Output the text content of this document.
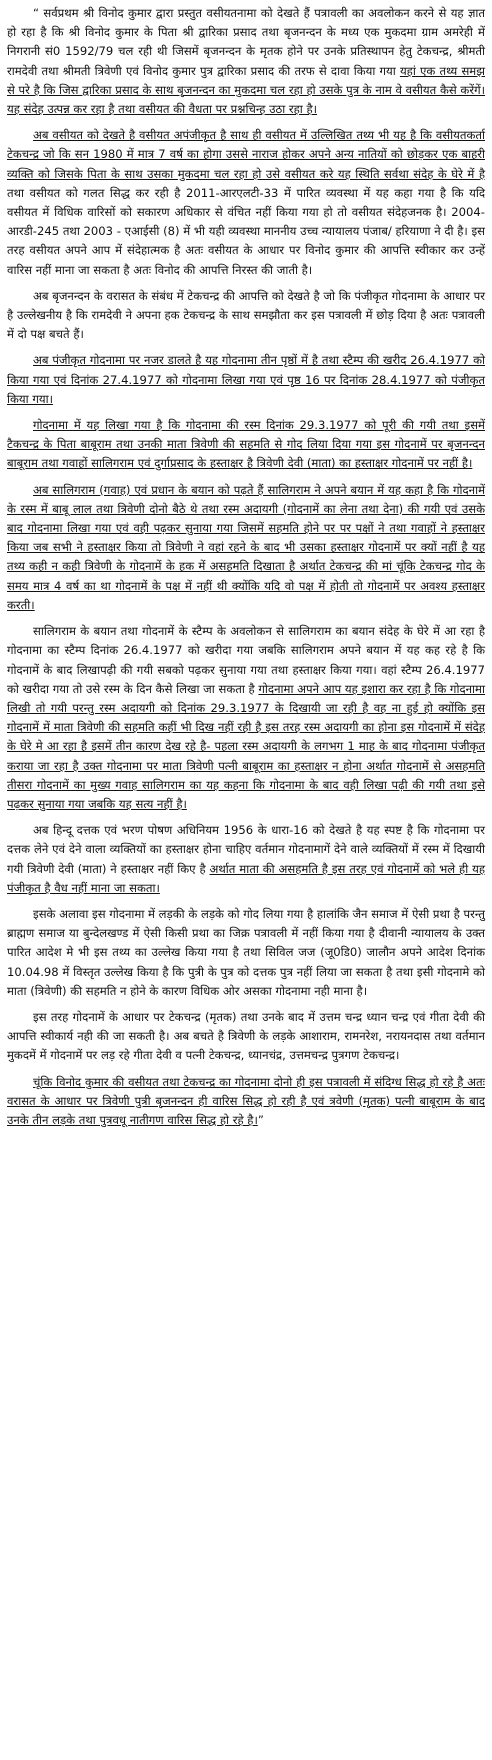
“ सर्वप्रथम श्री विनोद कुमार द्वारा प्रस्तुत वसीयतनामा को देखते हैं पत्रावली का अवलोकन करने से यह ज्ञात हो रहा है कि श्री विनोद कुमार के पिता श्री द्वारिका प्रसाद तथा बृजनन्दन के मध्य एक मुकदमा ग्राम अमरेही में निगरानी सं0 1592/79 चल रही थी जिसमें बृजनन्दन के मृतक होने पर उनके प्रतिस्थापन हेतु टेकचन्द्र, श्रीमती रामदेवी तथा श्रीमती त्रिवेणी एवं विनोद कुमार पुत्र द्वारिका प्रसाद की तरफ से दावा किया गया यहां एक तथ्य समझ से परे है कि जिस द्वारिका प्रसाद के साथ बृजनन्दन का मुकदमा चल रहा हो उसके पुत्र के नाम वे वसीयत कैसे करेंगें। यह संदेह उत्पन्न कर रहा है तथा वसीयत की वैधता पर प्रश्नचिन्ह उठा रहा है।

अब वसीयत को देखते है वसीयत अपंजीकृत है साथ ही वसीयत में उल्लिखित तथ्य भी यह है कि वसीयतकर्ता टेकचन्द्र जो कि सन 1980 में मात्र 7 वर्ष का होगा उससे नाराज होकर अपने अन्य नातियों को छोड़कर एक बाहरी व्यक्ति को जिसके पिता के साथ उसका मुकदमा चल रहा हो उसे वसीयत करे यह स्थिति सर्वथा संदेह के घेरे में है तथा वसीयत को गलत सिद्ध कर रही है 2011-आरएलटी-33 में पारित व्यवस्था में यह कहा गया है कि यदि वसीयत में विधिक वारिसों को सकारण अधिकार से वंचित नहीं किया गया हो तो वसीयत संदेहजनक है। 2004-आरडी-245 तथा 2003 - एआईसी (8) में भी यही व्यवस्था माननीय उच्च न्यायालय पंजाब/ हरियाणा ने दी है। इस तरह वसीयत अपने आप में संदेहात्मक है अतः वसीयत के आधार पर विनोद कुमार की आपत्ति स्वीकार कर उन्हें वारिस नहीं माना जा सकता है अतः विनोद की आपत्ति निरस्त की जाती है।

अब बृजनन्दन के वरासत के संबंध में टेकचन्द्र की आपत्ति को देखते है जो कि पंजीकृत गोदनामा के आधार पर है उल्लेखनीय है कि रामदेवी ने अपना हक टेकचन्द्र के साथ समझौता कर इस पत्रावली में छोड़ दिया है अतः पत्रावली में दो पक्ष बचते हैं।

अब पंजीकृत गोदनामा पर नजर डालते है यह गोदनामा तीन पृष्ठों में है तथा स्टैम्प की खरीद 26.4.1977 को किया गया एवं दिनांक 27.4.1977 को गोदनामा लिखा गया एवं पृष्ठ 16 पर दिनांक 28.4.1977 को पंजीकृत किया गया।

गोदनामा में यह लिखा गया है कि गोदनामा की रस्म दिनांक 29.3.1977 को पूरी की गयी तथा इसमें टैकचन्द्र के पिता बाबूराम तथा उनकी माता त्रिवेणी की सहमति से गोद लिया दिया गया इस गोदनामें पर बृजनन्दन बाबूराम तथा गवाहों सालिगराम एवं दुर्गाप्रसाद के हस्ताक्षर है त्रिवेणी देवी (माता) का हस्ताक्षर गोदनामें पर नहीं है।

अब सालिगराम (गवाह) एवं प्रधान के बयान को पढ़ते हैं सालिगराम ने अपने बयान में यह कहा है कि गोदनामें के रस्म में बाबू लाल तथा त्रिवेणी दोनो बैठे थे तथा रस्म अदायगी (गोदनामें का लेना तथा देना) की गयी एवं उसके बाद गोदनामा लिखा गया एवं वही पढ़कर सुनाया गया जिसमें सहमति होने पर पर पक्षों ने तथा गवाहों ने हस्ताक्षर किया जब सभी ने हस्ताक्षर किया तो त्रिवेणी ने वहां रहने के बाद भी उसका हस्ताक्षर गोदनामें पर क्यों नहीं है यह तथ्य कही न कही त्रिवेणी के गोदनामें के हक में असहमति दिखाता है अर्थात टेकचन्द्र की मां चूंकि टेकचन्द्र गोद के समय मात्र 4 वर्ष का था गोदनामें के पक्ष में नहीं थी क्योंकि यदि वो पक्ष में होती तो गोदनामें पर अवश्य हस्ताक्षर करती।

सालिगराम के बयान तथा गोदनामें के स्टैम्प के अवलोकन से सालिगराम का बयान संदेह के घेरे में आ रहा है गोदनामा का स्टैम्प दिनांक 26.4.1977 को खरीदा गया जबकि सालिगराम अपने बयान में यह कह रहे है कि गोदनामें के बाद लिखापढ़ी की गयी सबको पढ़कर सुनाया गया तथा हस्ताक्षर किया गया। वहां स्टैम्प 26.4.1977 को खरीदा गया तो उसे रस्म के दिन कैसे लिखा जा सकता है गोदनामा अपने आप यह इशारा कर रहा है कि गोदनामा लिखी तो गयी परन्तु रस्म अदायगी को दिनांक 29.3.1977 के दिखायी जा रही है वह ना हुई हो क्योंकि इस गोदनामें में माता त्रिवेणी की सहमति कहीं भी दिख नहीं रही है इस तरह रस्म अदायगी का होना इस गोदनामें में संदेह के घेरे मे आ रहा है इसमें तीन कारण देख रहे है- पहला रस्म अदायगी के लगभग 1 माह के बाद गोदनामा पंजीकृत कराया जा रहा है उक्त गोदनामा पर माता त्रिवेणी पत्नी बाबूराम का हस्ताक्षर न होना अर्थात गोदनामें से असहमति तीसरा गोदनामें का मुख्य गवाह सालिगराम का यह कहना कि गोदनामा के बाद वही लिखा पढ़ी की गयी तथा इसे पढ़कर सुनाया गया जबकि यह सत्य नहीं है।

अब हिन्दू दत्तक एवं भरण पोषण अधिनियम 1956 के धारा-16 को देखते है यह स्पष्ट है कि गोदनामा पर दत्तक लेने एवं देने वाला व्यक्तियों का हस्ताक्षर होना चाहिए वर्तमान गोदनामागें देने वाले व्यक्तियों में रस्म में दिखायी गयी त्रिवेणी देवी (माता) ने हस्ताक्षर नहीं किए है अर्थात माता की असहमति है इस तरह एवं गोदनामें को भले ही यह पंजीकृत है वैध नहीं माना जा सकता।

इसके अलावा इस गोदनामा में लड़की के लड़के को गोद लिया गया है हालांकि जैन समाज में ऐसी प्रथा है परन्तु ब्राह्मण समाज या बुन्देलखण्ड में ऐसी किसी प्रथा का जिक्र पत्रावली में नहीं किया गया है दीवानी न्यायालय के उक्त पारित आदेश मे भी इस तथ्य का उल्लेख किया गया है तथा सिविल जज (जू0डि0) जालौन अपने आदेश दिनांक 10.04.98 में विस्तृत उल्लेख किया है कि पुत्री के पुत्र को दत्तक पुत्र नहीं लिया जा सकता है तथा इसी गोदनामे को माता (त्रिवेणी) की सहमति न होने के कारण विधिक ओर असका गोदनामा नही माना है।

इस तरह गोदनामें के आधार पर टेकचन्द्र (मृतक) तथा उनके बाद में उत्तम चन्द्र ध्यान चन्द्र एवं गीता देवी की आपत्ति स्वीकार्य नही की जा सकती है। अब बचते है त्रिवेणी के लड़के आशाराम, रामनरेश, नरायनदास तथा वर्तमान मुकदमें में गोदनामें पर लड़ रहे गीता देवी व पत्नी टेकचन्द्र, ध्यानचंद्र, उत्तमचन्द्र पुत्रगण टेकचन्द्र।

चूंकि विनोद कुमार की वसीयत तथा टेकचन्द्र का गोदनामा दोनो ही इस पत्रावली में संदिग्ध सिद्ध हो रहे है अतः वरासत के आधार पर त्रिवेणी पुत्री बृजनन्दन ही वारिस सिद्ध हो रही है एवं त्रवेणी (मृतक) पत्नी बाबूराम के बाद उनके तीन लड़के तथा पुत्रवधू नातीगण वारिस सिद्ध हो रहे है।”
